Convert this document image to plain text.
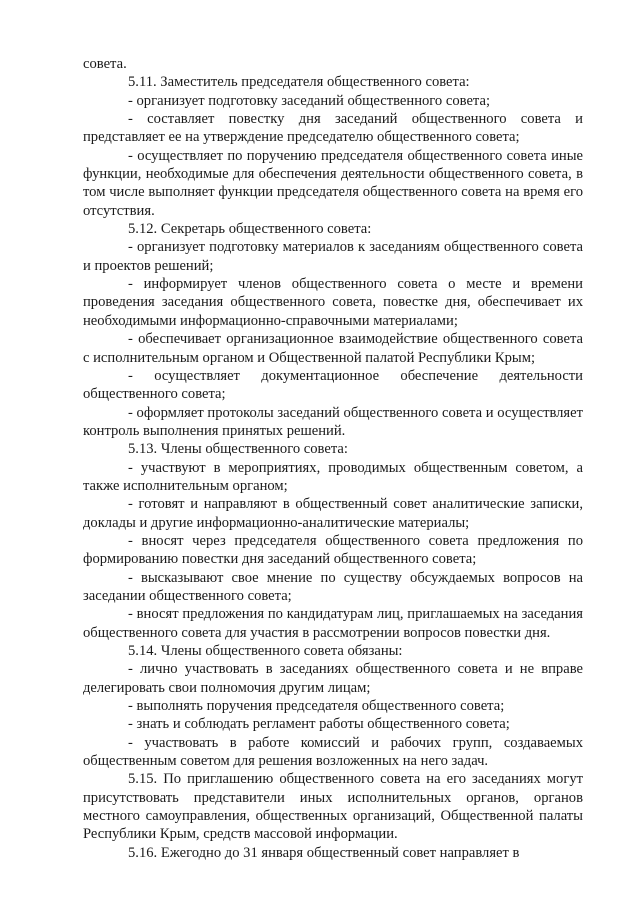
совета.

5.11. Заместитель председателя общественного совета:

- организует подготовку заседаний общественного совета;

- составляет повестку дня заседаний общественного совета и представляет ее на утверждение председателю общественного совета;

- осуществляет по поручению председателя общественного совета иные функции, необходимые для обеспечения деятельности общественного совета, в том числе выполняет функции председателя общественного совета на время его отсутствия.

5.12. Секретарь общественного совета:

- организует подготовку материалов к заседаниям общественного совета и проектов решений;

- информирует членов общественного совета о месте и времени проведения заседания общественного совета, повестке дня, обеспечивает их необходимыми информационно-справочными материалами;

- обеспечивает организационное взаимодействие общественного совета с исполнительным органом и Общественной палатой Республики Крым;

- осуществляет документационное обеспечение деятельности общественного совета;

- оформляет протоколы заседаний общественного совета и осуществляет контроль выполнения принятых решений.

5.13. Члены общественного совета:

- участвуют в мероприятиях, проводимых общественным советом, а также исполнительным органом;

- готовят и направляют в общественный совет аналитические записки, доклады и другие информационно-аналитические материалы;

- вносят через председателя общественного совета предложения по формированию повестки дня заседаний общественного совета;

- высказывают свое мнение по существу обсуждаемых вопросов на заседании общественного совета;

- вносят предложения по кандидатурам лиц, приглашаемых на заседания общественного совета для участия в рассмотрении вопросов повестки дня.

5.14. Члены общественного совета обязаны:

- лично участвовать в заседаниях общественного совета и не вправе делегировать свои полномочия другим лицам;

- выполнять поручения председателя общественного совета;

- знать и соблюдать регламент работы общественного совета;

- участвовать в работе комиссий и рабочих групп, создаваемых общественным советом для решения возложенных на него задач.

5.15. По приглашению общественного совета на его заседаниях могут присутствовать представители иных исполнительных органов, органов местного самоуправления, общественных организаций, Общественной палаты Республики Крым, средств массовой информации.

5.16. Ежегодно до 31 января общественный совет направляет в
